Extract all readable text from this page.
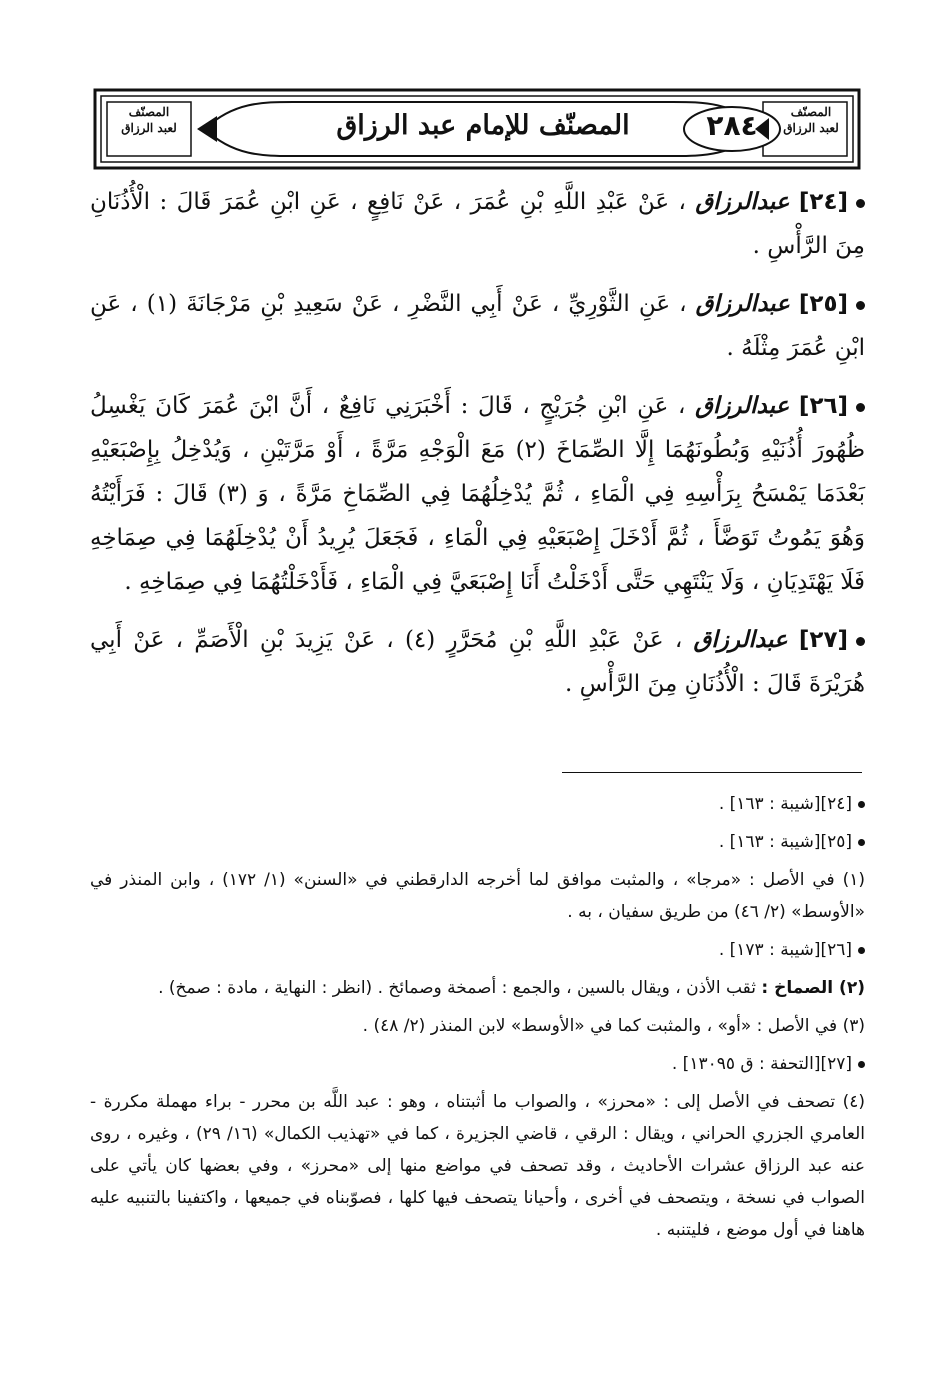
المصنّف
لعبد الرزاق	المصنّف للإمام عبد الرزاق	٢٨٤	المصنّف
لعبد الرزاق

[٢٤] عبدالرزاق ، عَنْ عَبْدِ اللَّهِ بْنِ عُمَرَ ، عَنْ نَافِعٍ ، عَنِ ابْنِ عُمَرَ قَالَ : الْأُذُنَانِ مِنَ الرَّأْسِ .

[٢٥] عبدالرزاق ، عَنِ الثَّوْرِيِّ ، عَنْ أَبِي النَّضْرِ ، عَنْ سَعِيدِ بْنِ مَرْجَانَةَ (١) ، عَنِ ابْنِ عُمَرَ مِثْلَهُ .

[٢٦] عبدالرزاق ، عَنِ ابْنِ جُرَيْجٍ ، قَالَ : أَخْبَرَنِي نَافِعٌ ، أَنَّ ابْنَ عُمَرَ كَانَ يَغْسِلُ ظُهُورَ أُذُنَيْهِ وَبُطُونَهُمَا إِلَّا الصِّمَاخَ (٢) مَعَ الْوَجْهِ مَرَّةً ، أَوْ مَرَّتَيْنِ ، وَيُدْخِلُ بِإِصْبَعَيْهِ بَعْدَمَا يَمْسَحُ بِرَأْسِهِ فِي الْمَاءِ ، ثُمَّ يُدْخِلُهُمَا فِي الصِّمَاخِ مَرَّةً ، وَ (٣) قَالَ : فَرَأَيْتُهُ وَهُوَ يَمُوتُ تَوَضَّأَ ، ثُمَّ أَدْخَلَ إِصْبَعَيْهِ فِي الْمَاءِ ، فَجَعَلَ يُرِيدُ أَنْ يُدْخِلَهُمَا فِي صِمَاخِهِ فَلَا يَهْتَدِيَانِ ، وَلَا يَنْتَهِي حَتَّى أَدْخَلْتُ أَنَا إِصْبَعَيَّ فِي الْمَاءِ ، فَأَدْخَلْتُهُمَا فِي صِمَاخِهِ .

[٢٧] عبدالرزاق ، عَنْ عَبْدِ اللَّهِ بْنِ مُحَرَّرٍ (٤) ، عَنْ يَزِيدَ بْنِ الْأَصَمِّ ، عَنْ أَبِي هُرَيْرَةَ قَالَ : الْأُذُنَانِ مِنَ الرَّأْسِ .

[٢٤][شيبة : ١٦٣] .

[٢٥][شيبة : ١٦٣] .

(١) في الأصل : «مرجا» ، والمثبت موافق لما أخرجه الدارقطني في «السنن» (١/ ١٧٢) ، وابن المنذر في «الأوسط» (٢/ ٤٦) من طريق سفيان ، به .

[٢٦][شيبة : ١٧٣] .

(٢) الصماخ : ثقب الأذن ، ويقال بالسين ، والجمع : أصمخة وصمائخ . (انظر : النهاية ، مادة : صمخ) .

(٣) في الأصل : «أو» ، والمثبت كما في «الأوسط» لابن المنذر (٢/ ٤٨) .

[٢٧][التحفة : ق ١٣٠٩٥] .

(٤) تصحف في الأصل إلى : «محرز» ، والصواب ما أثبتناه ، وهو : عبد اللَّه بن محرر - براء مهملة مكررة - العامري الجزري الحراني ، ويقال : الرقي ، قاضي الجزيرة ، كما في «تهذيب الكمال» (١٦/ ٢٩) ، وغيره ، روى عنه عبد الرزاق عشرات الأحاديث ، وقد تصحف في مواضع منها إلى «محرز» ، وفي بعضها كان يأتي على الصواب في نسخة ، ويتصحف في أخرى ، وأحيانا يتصحف فيها كلها ، فصوّبناه في جميعها ، واكتفينا بالتنبيه عليه هاهنا في أول موضع ، فليتنبه .
